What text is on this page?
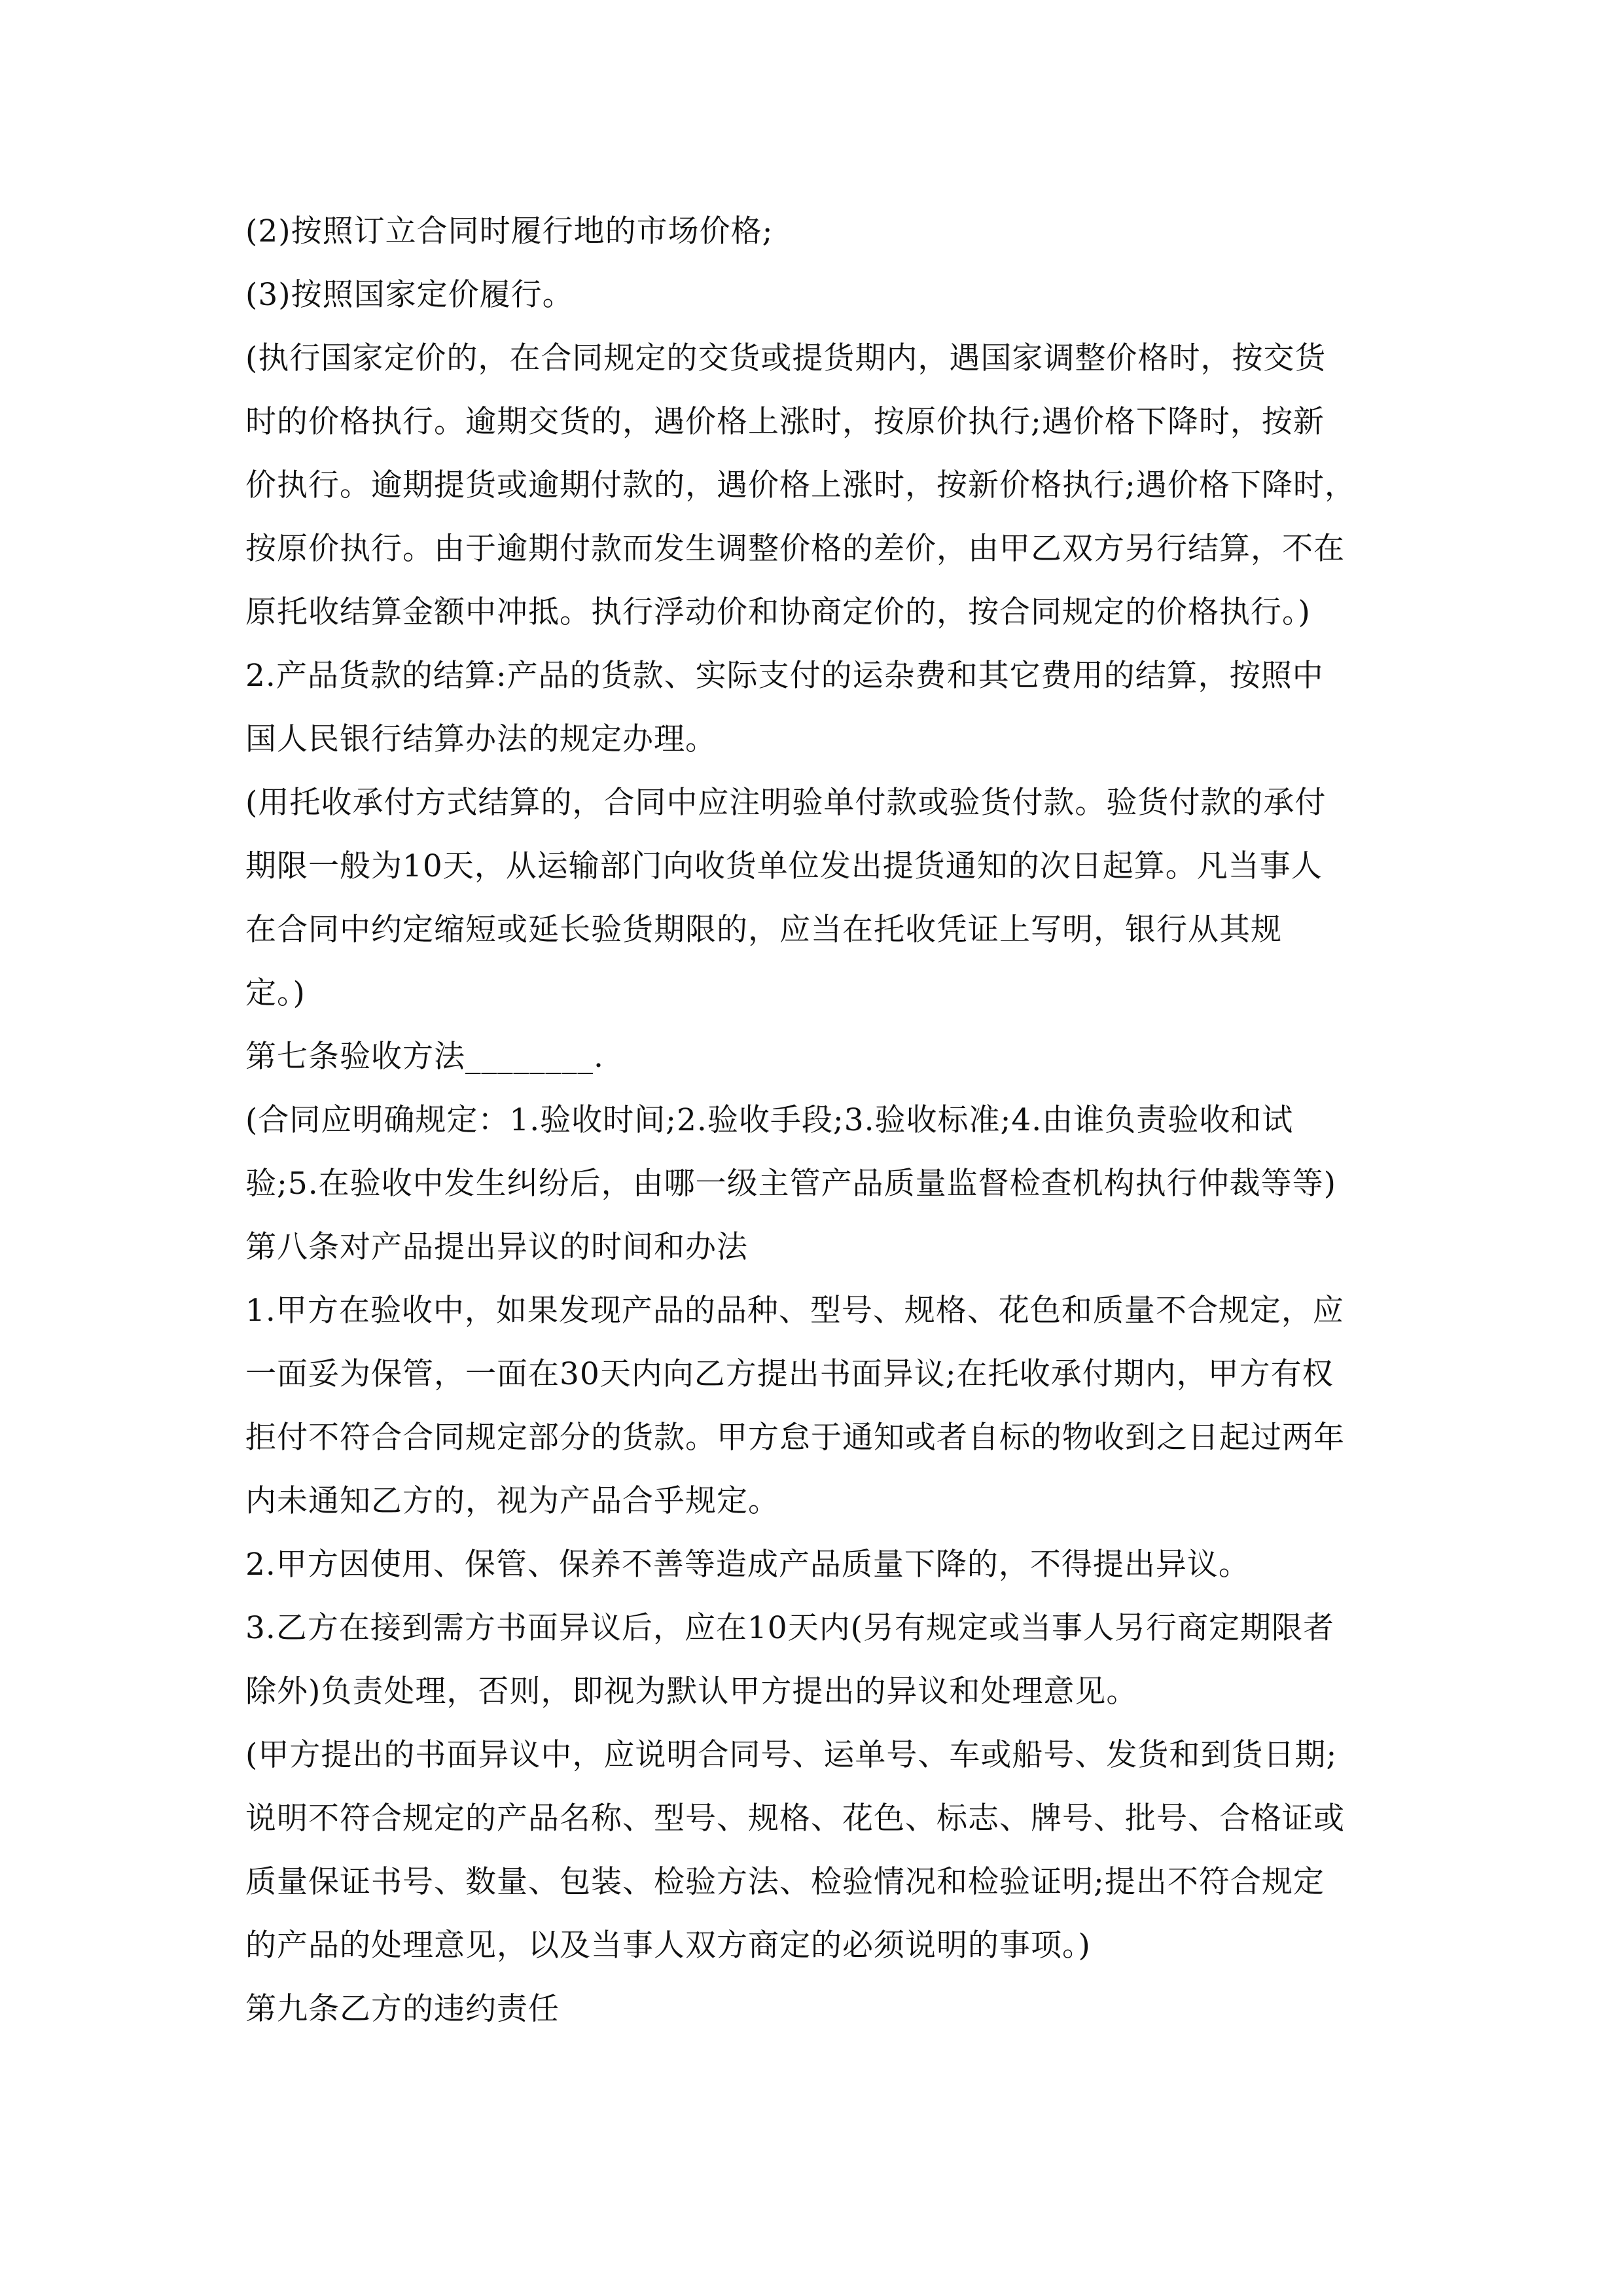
(2)按照订立合同时履行地的市场价格;
(3)按照国家定价履行。
(执行国家定价的，在合同规定的交货或提货期内，遇国家调整价格时，按交货
时的价格执行。逾期交货的，遇价格上涨时，按原价执行;遇价格下降时，按新
价执行。逾期提货或逾期付款的，遇价格上涨时，按新价格执行;遇价格下降时，
按原价执行。由于逾期付款而发生调整价格的差价，由甲乙双方另行结算，不在
原托收结算金额中冲抵。执行浮动价和协商定价的，按合同规定的价格执行。)
2.产品货款的结算:产品的货款、实际支付的运杂费和其它费用的结算，按照中
国人民银行结算办法的规定办理。
(用托收承付方式结算的，合同中应注明验单付款或验货付款。验货付款的承付
期限一般为10天，从运输部门向收货单位发出提货通知的次日起算。凡当事人
在合同中约定缩短或延长验货期限的，应当在托收凭证上写明，银行从其规
定。)
第七条验收方法________.
(合同应明确规定：1.验收时间;2.验收手段;3.验收标准;4.由谁负责验收和试
验;5.在验收中发生纠纷后，由哪一级主管产品质量监督检查机构执行仲裁等等)
第八条对产品提出异议的时间和办法
1.甲方在验收中，如果发现产品的品种、型号、规格、花色和质量不合规定，应
一面妥为保管，一面在30天内向乙方提出书面异议;在托收承付期内，甲方有权
拒付不符合合同规定部分的货款。甲方怠于通知或者自标的物收到之日起过两年
内未通知乙方的，视为产品合乎规定。
2.甲方因使用、保管、保养不善等造成产品质量下降的，不得提出异议。
3.乙方在接到需方书面异议后，应在10天内(另有规定或当事人另行商定期限者
除外)负责处理，否则，即视为默认甲方提出的异议和处理意见。
(甲方提出的书面异议中，应说明合同号、运单号、车或船号、发货和到货日期;
说明不符合规定的产品名称、型号、规格、花色、标志、牌号、批号、合格证或
质量保证书号、数量、包装、检验方法、检验情况和检验证明;提出不符合规定
的产品的处理意见，以及当事人双方商定的必须说明的事项。)
第九条乙方的违约责任
